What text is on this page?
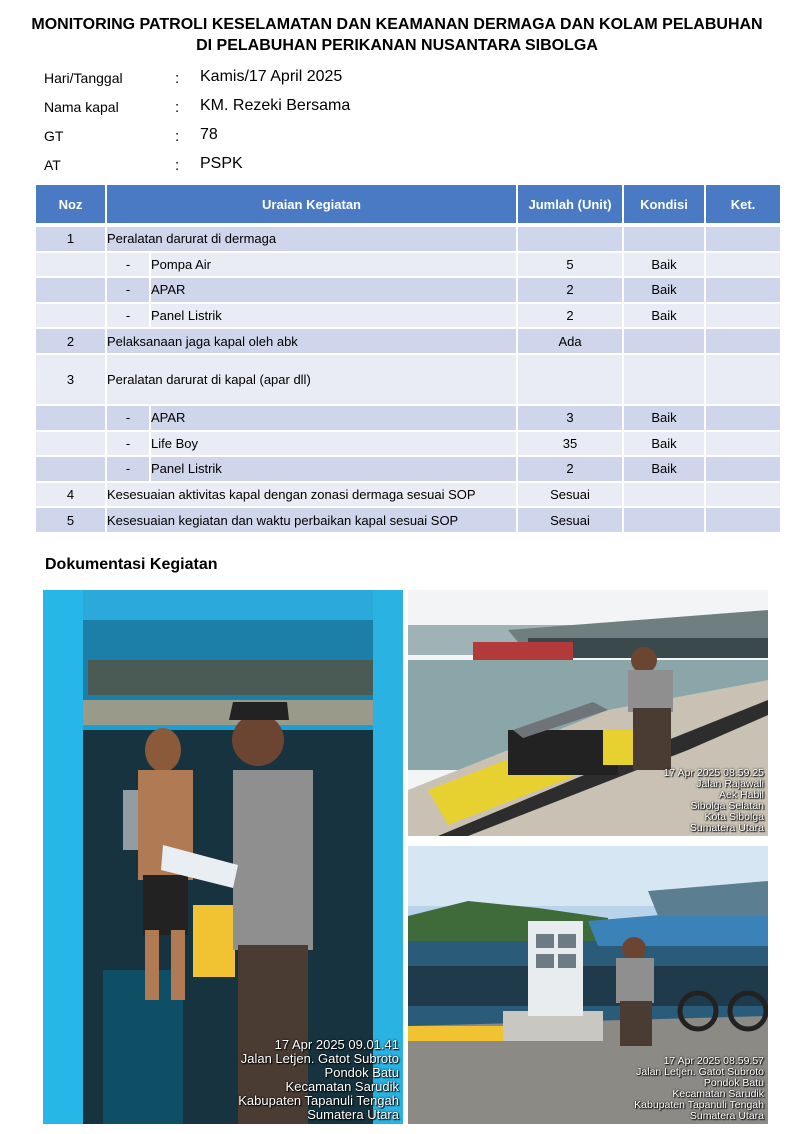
MONITORING PATROLI KESELAMATAN DAN KEAMANAN DERMAGA DAN KOLAM PELABUHAN
DI PELABUHAN PERIKANAN NUSANTARA SIBOLGA
Hari/Tanggal	: Kamis/17 April 2025
Nama kapal	: KM. Rezeki Bersama
GT	: 78
AT	: PSPK
Noz	Uraian Kegiatan		Jumlah (Unit)	Kondisi	Ket.
1	Peralatan darurat di dermaga				
	-	Pompa Air	5	Baik	
	-	APAR	2	Baik	
	-	Panel Listrik	2	Baik	
2	Pelaksanaan jaga kapal oleh abk		Ada		
3	Peralatan darurat di kapal (apar dll)				
	-	APAR	3	Baik	
	-	Life Boy	35	Baik	
	-	Panel Listrik	2	Baik	
4	Kesesuaian aktivitas kapal dengan zonasi dermaga sesuai SOP		Sesuai		
5	Kesesuaian kegiatan dan waktu perbaikan kapal sesuai SOP		Sesuai		
Dokumentasi Kegiatan
17 Apr 2025 09.01.41
Jalan Letjen. Gatot Subroto
Pondok Batu
Kecamatan Sarudik
Kabupaten Tapanuli Tengah
Sumatera Utara
17 Apr 2025 08.59.25
Jalan Rajawali
Aek Habil
Sibolga Selatan
Kota Sibolga
Sumatera Utara
17 Apr 2025 08.59.57
Jalan Letjen. Gatot Subroto
Pondok Batu
Kecamatan Sarudik
Kabupaten Tapanuli Tengah
Sumatera Utara
